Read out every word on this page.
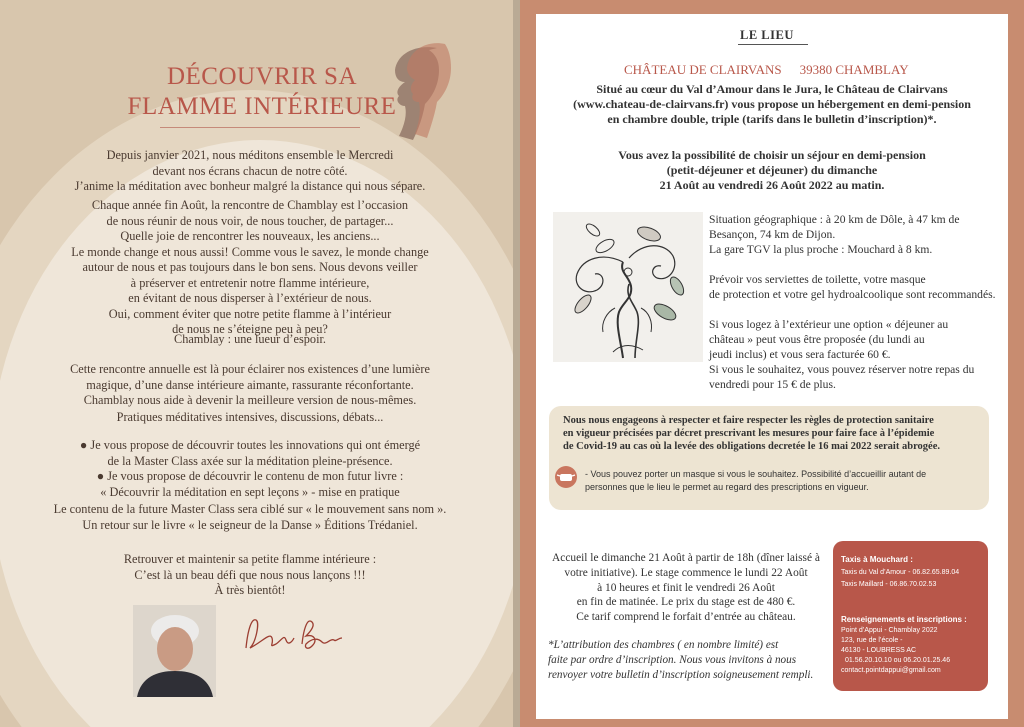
DÉCOUVRIR SA
FLAMME INTÉRIEURE
Depuis janvier 2021, nous méditons ensemble le Mercredi
devant nos écrans chacun de notre côté.
J’anime la méditation avec bonheur malgré la distance qui nous sépare.
Chaque année fin Août, la rencontre de Chamblay est l’occasion
de nous réunir de nous voir, de nous toucher, de partager...
Quelle joie de rencontrer les nouveaux, les anciens...
Le monde change et nous aussi! Comme vous le savez, le monde change
autour de nous et pas toujours dans le bon sens. Nous devons veiller
à préserver et entretenir notre flamme intérieure,
en évitant de nous disperser à l’extérieur de nous.
Oui, comment éviter que notre petite flamme à l’intérieur
de nous ne s’éteigne peu à peu?
Chamblay : une lueur d’espoir.
Cette rencontre annuelle est là pour éclairer nos existences d’une lumière
magique, d’une danse intérieure aimante, rassurante réconfortante.
Chamblay nous aide à devenir la meilleure version de nous-mêmes.
Pratiques méditatives intensives, discussions, débats...
● Je vous propose de découvrir toutes les innovations qui ont émergé
de la Master Class axée sur la méditation pleine-présence.
● Je vous propose de découvrir le contenu de mon futur livre :
« Découvrir la méditation en sept leçons » - mise en pratique
Le contenu de la future Master Class sera ciblé sur « le mouvement sans nom ».
Un retour sur le livre « le seigneur de la Danse » Éditions Trédaniel.
Retrouver et maintenir sa petite flamme intérieure :
C’est là un beau défi que nous nous lançons !!!
À très bientôt!
LE LIEU
CHÂTEAU DE CLAIRVANS 39380 CHAMBLAY
Situé au cœur du Val d’Amour dans le Jura, le Château de Clairvans
(www.chateau-de-clairvans.fr) vous propose un hébergement en demi-pension
en chambre double, triple (tarifs dans le bulletin d’inscription)*.
Vous avez la possibilité de choisir un séjour en demi-pension
(petit-déjeuner et déjeuner) du dimanche
21 Août au vendredi 26 Août 2022 au matin.
Situation géographique : à 20 km de Dôle, à 47 km de
Besançon, 74 km de Dijon.
La gare TGV la plus proche : Mouchard à 8 km.
Prévoir vos serviettes de toilette, votre masque
de protection et votre gel hydroalcoolique sont recommandés.
Si vous logez à l’extérieur une option « déjeuner au
château » peut vous être proposée (du lundi au
jeudi inclus) et vous sera facturée 60 €.
Si vous le souhaitez, vous pouvez réserver notre repas du
vendredi pour 15 € de plus.
Nous nous engageons à respecter et faire respecter les règles de protection sanitaire
en vigueur précisées par décret prescrivant les mesures pour faire face à l’épidemie
de Covid-19 au cas où la levée des obligations decretée le 16 mai 2022 serait abrogée.
- Vous pouvez porter un masque si vous le souhaitez. Possibilité d’accueillir autant de
personnes que le lieu le permet au regard des prescriptions en vigueur.
Accueil le dimanche 21 Août à partir de 18h (dîner laissé à
votre initiative). Le stage commence le lundi 22 Août
à 10 heures et finit le vendredi 26 Août
en fin de matinée. Le prix du stage est de 480 €.
Ce tarif comprend le forfait d’entrée au château.
*L’attribution des chambres ( en nombre limité) est
faite par ordre d’inscription. Nous vous invitons à nous
renvoyer votre bulletin d’inscription soigneusement rempli.
Taxis à Mouchard :
Taxis du Val d’Amour - 06.82.65.89.04
Taxis Maillard - 06.86.70.02.53
Renseignements et inscriptions :
Point d’Appui - Chamblay 2022
123, rue de l’école -
46130 - LOUBRESS AC
01.56.20.10.10 ou 06.20.01.25.46
contact.pointdappui@gmail.com
